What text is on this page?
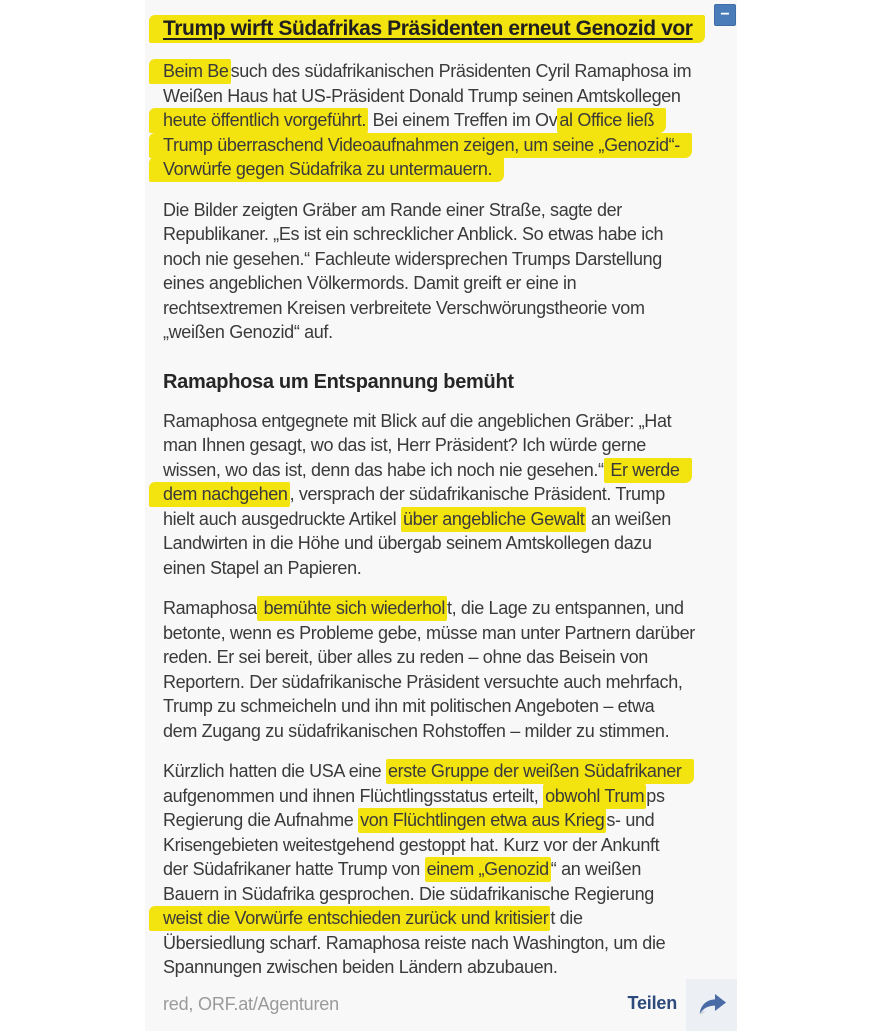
−
Trump wirft Südafrikas Präsidenten erneut Genozid vor
Beim Be such des südafrikanischen Präsidenten Cyril Ramaphosa im
Weißen Haus hat US-Präsident Donald Trump seinen Amtskollegen
heute öffentlich vorgeführt. Bei einem Treffen im Ov al Office ließ
Trump überraschend Videoaufnahmen zeigen, um seine „Genozid“-
Vorwürfe gegen Südafrika zu untermauern.
Die Bilder zeigten Gräber am Rande einer Straße, sagte der
Republikaner. „Es ist ein schrecklicher Anblick. So etwas habe ich
noch nie gesehen.“ Fachleute widersprechen Trumps Darstellung
eines angeblichen Völkermords. Damit greift er eine in
rechtsextremen Kreisen verbreitete Verschwörungstheorie vom
„weißen Genozid“ auf.
Ramaphosa um Entspannung bemüht
Ramaphosa entgegnete mit Blick auf die angeblichen Gräber: „Hat
man Ihnen gesagt, wo das ist, Herr Präsident? Ich würde gerne
wissen, wo das ist, denn das habe ich noch nie gesehen.“ Er werde
dem nachgehen , versprach der südafrikanische Präsident. Trump
hielt auch ausgedruckte Artikel über angebliche Gewalt an weißen
Landwirten in die Höhe und übergab seinem Amtskollegen dazu
einen Stapel an Papieren.
Ramaphosa bemühte sich wiederhol t, die Lage zu entspannen, und
betonte, wenn es Probleme gebe, müsse man unter Partnern darüber
reden. Er sei bereit, über alles zu reden – ohne das Beisein von
Reportern. Der südafrikanische Präsident versuchte auch mehrfach,
Trump zu schmeicheln und ihn mit politischen Angeboten – etwa
dem Zugang zu südafrikanischen Rohstoffen – milder zu stimmen.
Kürzlich hatten die USA eine erste Gruppe der weißen Südafrikaner
aufgenommen und ihnen Flüchtlingsstatus erteilt, obwohl Trum ps
Regierung die Aufnahme von Flüchtlingen etwa aus Krieg s- und
Krisengebieten weitestgehend gestoppt hat. Kurz vor der Ankunft
der Südafrikaner hatte Trump von einem „Genozid “ an weißen
Bauern in Südafrika gesprochen. Die südafrikanische Regierung
weist die Vorwürfe entschieden zurück und kritisier t die
Übersiedlung scharf. Ramaphosa reiste nach Washington, um die
Spannungen zwischen beiden Ländern abzubauen.
red, ORF.at/Agenturen	Teilen
